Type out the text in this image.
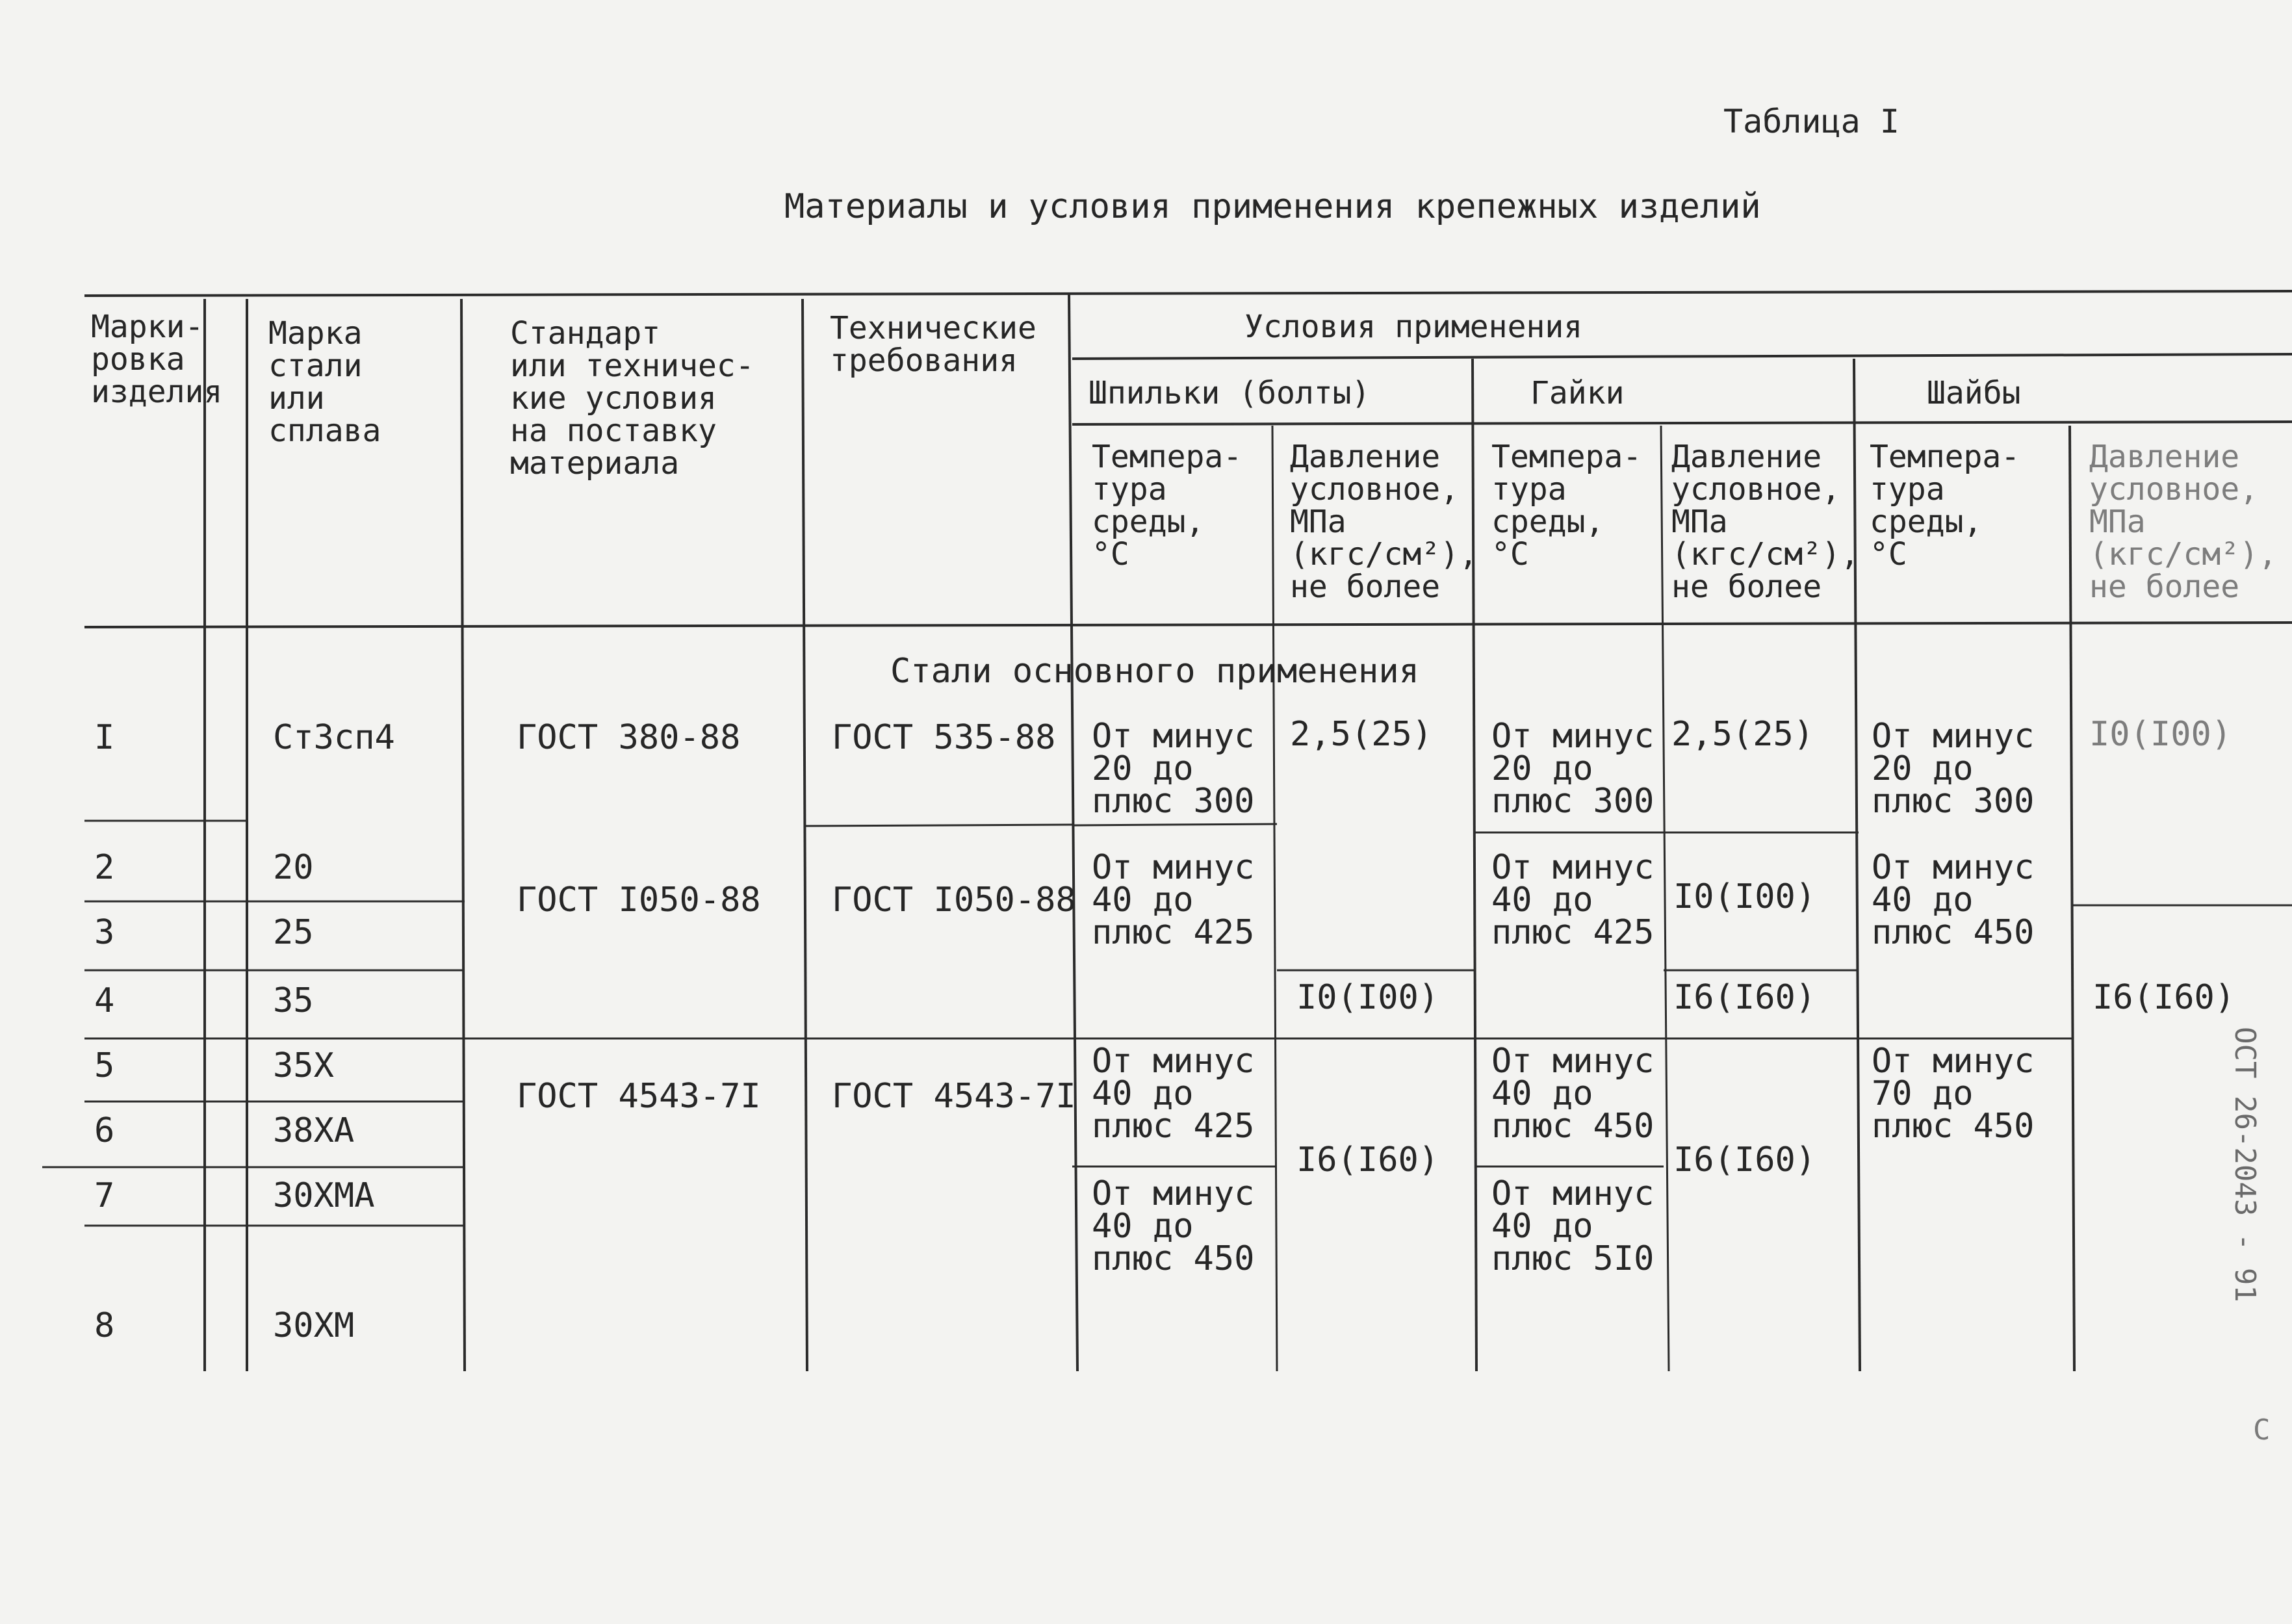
Таблица I
Материалы и условия применения крепежных изделий
ОСТ 26-2043 - 91
С
Марки-
ровка
изделия
Марка
стали
или
сплава
Стандарт
или техничес-
кие условия
на поставку
материала
Технические
требования
Условия применения
Шпильки (болты)	Гайки	Шайбы
Темпера-
тура
среды,
°С
Давление
условное,
МПа
(кгс/см²),
не более
Темпера-
тура
среды,
°С
Давление
условное,
МПа
(кгс/см²),
не более
Темпера-
тура
среды,
°С
Давление
условное,
МПа
(кгс/см²),
не более
Стали основного применения
I
2
3
4
5
6
7
8
Ст3сп4
20
25
35
35Х
38ХА
30ХМА
30ХМ
ГОСТ 380-88
ГОСТ I050-88
ГОСТ 4543-7I
ГОСТ 535-88
ГОСТ I050-88
ГОСТ 4543-7I
От минус
20 до
плюс 300
От минус
40 до
плюс 425
От минус
40 до
плюс 425
От минус
40 до
плюс 450
2,5(25)
I0(I00)
I6(I60)
От минус
20 до
плюс 300
От минус
40 до
плюс 425
От минус
40 до
плюс 450
От минус
40 до
плюс 5I0
2,5(25)
I0(I00)
I6(I60)
I6(I60)
От минус
20 до
плюс 300
От минус
40 до
плюс 450
От минус
70 до
плюс 450
I0(I00)
I6(I60)
